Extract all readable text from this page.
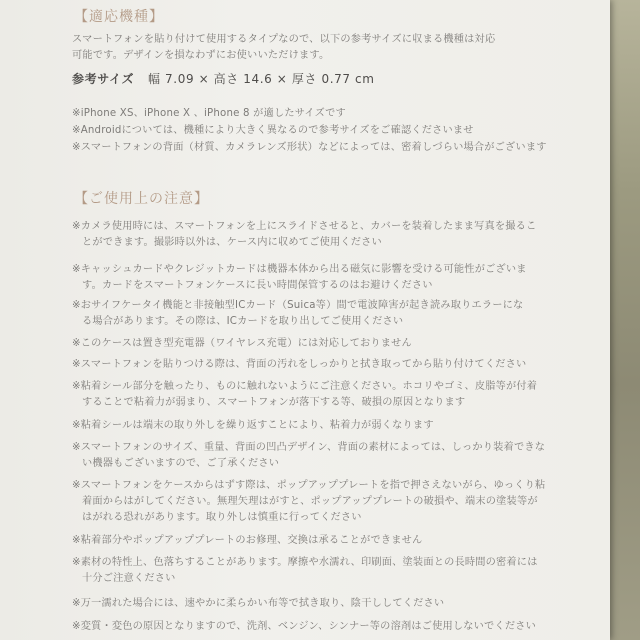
【適応機種】
スマートフォンを貼り付けて使用するタイプなので、以下の参考サイズに収まる機種は対応
可能です。デザインを損なわずにお使いいただけます。
参考サイズ 幅 7.09 × 高さ 14.6 × 厚さ 0.77 cm
※iPhone XS、iPhone X 、iPhone 8 が適したサイズです
※Androidについては、機種により大きく異なるので参考サイズをご確認くださいませ
※スマートフォンの背面（材質、カメラレンズ形状）などによっては、密着しづらい場合がございます
【ご使用上の注意】
※カメラ使用時には、スマートフォンを上にスライドさせると、カバーを装着したまま写真を撮るこ
とができます。撮影時以外は、ケース内に収めてご使用ください
※キャッシュカードやクレジットカードは機器本体から出る磁気に影響を受ける可能性がございま
す。カードをスマートフォンケースに長い時間保管するのはお避けください
※おサイフケータイ機能と非接触型ICカード（Suica等）間で電波障害が起き読み取りエラーにな
る場合があります。その際は、ICカードを取り出してご使用ください
※このケースは置き型充電器（ワイヤレス充電）には対応しておりません
※スマートフォンを貼りつける際は、背面の汚れをしっかりと拭き取ってから貼り付けてください
※粘着シール部分を触ったり、ものに触れないようにご注意ください。ホコリやゴミ、皮脂等が付着
することで粘着力が弱まり、スマートフォンが落下する等、破損の原因となります
※粘着シールは端末の取り外しを繰り返すことにより、粘着力が弱くなります
※スマートフォンのサイズ、重量、背面の凹凸デザイン、背面の素材によっては、しっかり装着できな
い機器もございますので、ご了承ください
※スマートフォンをケースからはずす際は、ポップアッププレートを指で押さえないがら、ゆっくり粘
着面からはがしてください。無理矢理はがすと、ポップアッププレートの破損や、端末の塗装等が
はがれる恐れがあります。取り外しは慎重に行ってください
※粘着部分やポップアッププレートのお修理、交換は承ることができません
※素材の特性上、色落ちすることがあります。摩擦や水濡れ、印刷面、塗装面との長時間の密着には
十分ご注意ください
※万一濡れた場合には、速やかに柔らかい布等で拭き取り、陰干ししてください
※変質・変色の原因となりますので、洗剤、ベンジン、シンナー等の溶剤はご使用しないでください
